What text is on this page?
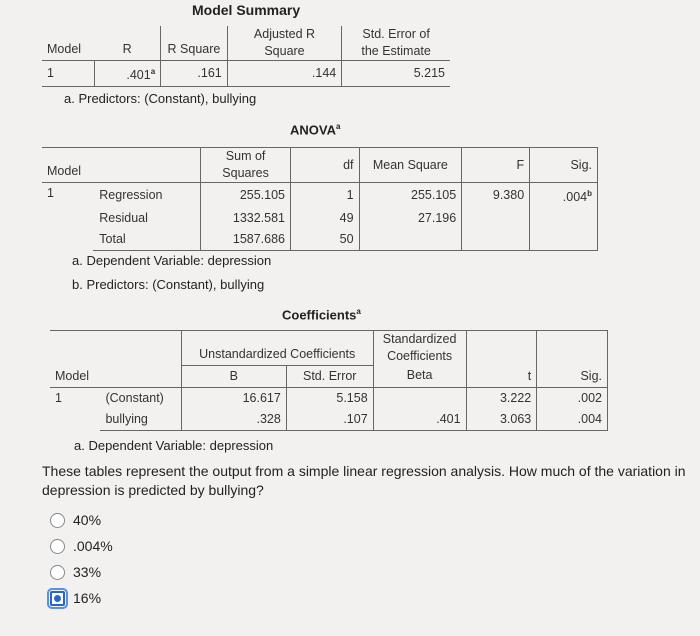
Model Summary
Model	R	R Square	Adjusted R	Std. Error of
			Square	the Estimate
1	.401$^a$	.161	.144	5.215
a. Predictors: (Constant), bullying
ANOVA$^a$
Model		Sum of	df	Mean Square	F	Sig.
		Squares				
1	Regression	255.105	1	255.105	9.380	.004$^b$
	Residual	1332.581	49	27.196		
	Total	1587.686	50			
a. Dependent Variable: depression
b. Predictors: (Constant), bullying
Coefficients$^a$
Model		Unstandardized Coefficients		Standardized	t	Sig.
				Coefficients		
		B	Std. Error	Beta		
1	(Constant)	16.617	5.158		3.222	.002
	bullying	.328	.107	.401	3.063	.004
a. Dependent Variable: depression
These tables represent the output from a simple linear regression analysis. How much of the variation in depression is predicted by bullying?
40%
.004%
33%
16%
